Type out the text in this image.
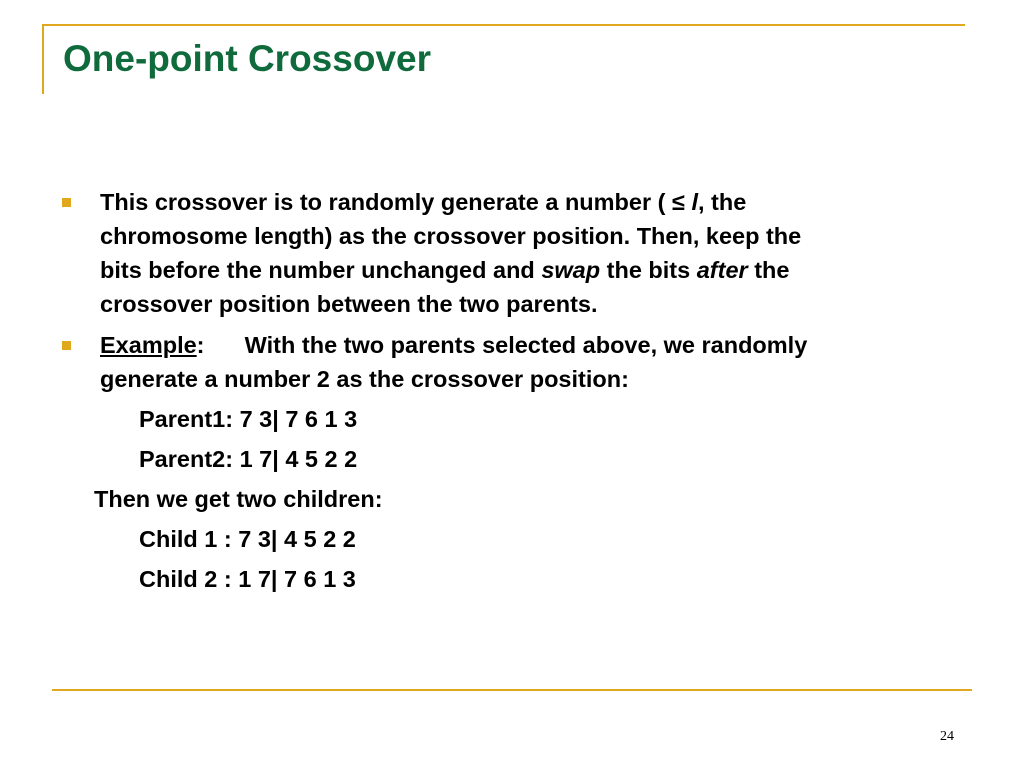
One-point Crossover
This crossover is to randomly generate a number ( ≤ l, the
chromosome length) as the crossover position. Then, keep the
bits before the number unchanged and swap the bits after the
crossover position between the two parents.
Example: With the two parents selected above, we randomly
generate a number 2 as the crossover position:
Parent1: 7 3| 7 6 1 3
Parent2: 1 7| 4 5 2 2
Then we get two children:
Child 1 : 7 3| 4 5 2 2
Child 2 : 1 7| 7 6 1 3
24
